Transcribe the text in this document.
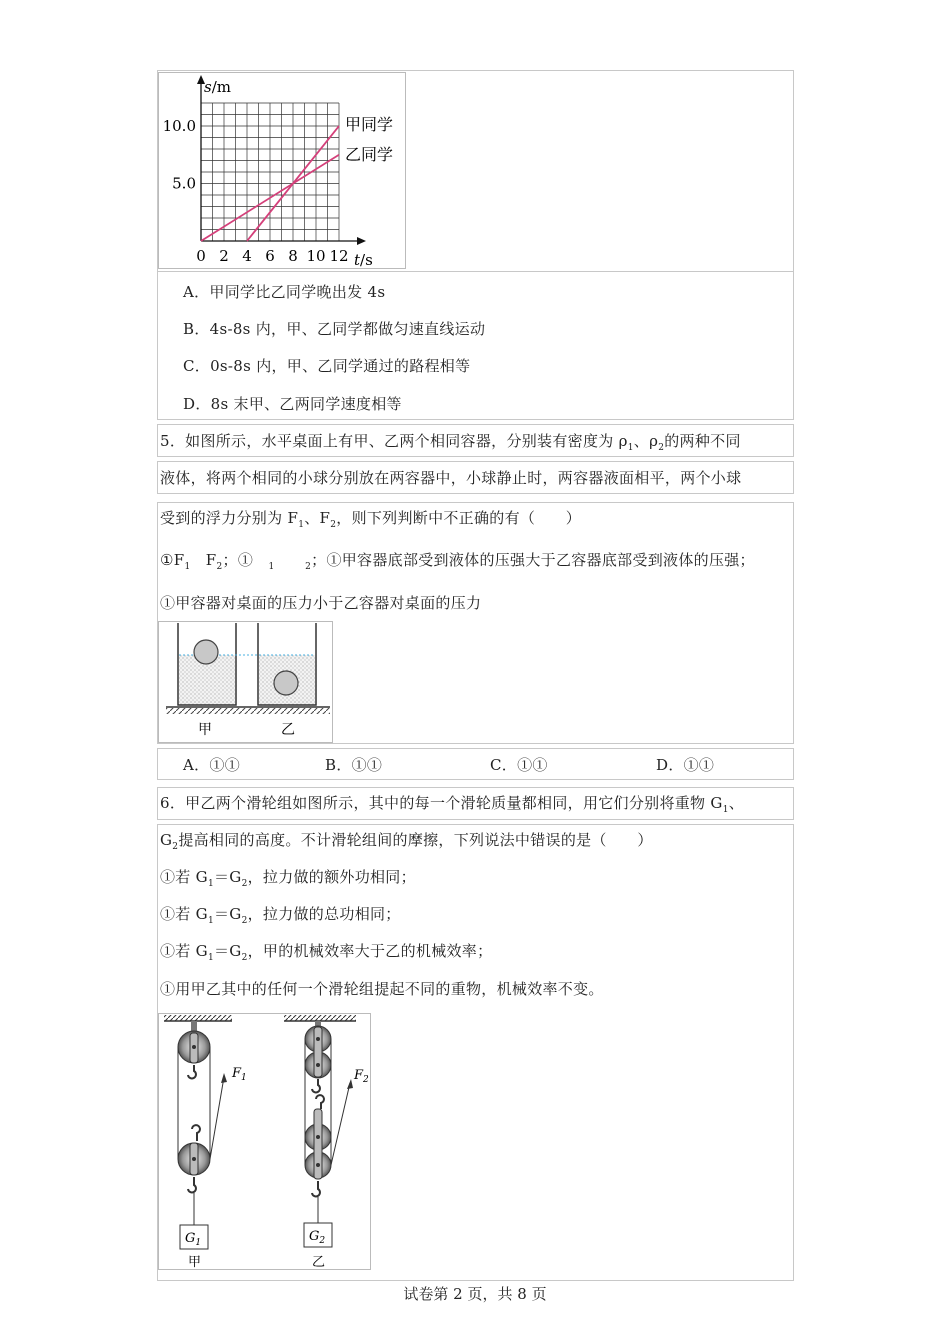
0 2 4 6 8 10 12
5.0
10.0
s/m
t/s
甲同学
乙同学
A．甲同学比乙同学晚出发 4s
B．4s-8s 内，甲、乙同学都做匀速直线运动
C．0s-8s 内，甲、乙同学通过的路程相等
D．8s 末甲、乙两同学速度相等
5．如图所示，水平桌面上有甲、乙两个相同容器，分别装有密度为 $\rho_1$、$\rho_2$的两种不同
液体，将两个相同的小球分别放在两容器中，小球静止时，两容器液面相平，两个小球
受到的浮力分别为 $F_1$、$F_2$，则下列判断中不正确的有（　　）
$①F_1$　$F_2$；①　 $_1$　　	$_2$；①甲容器底部受到液体的压强大于乙容器底部受到液体的压强；
①甲容器对桌面的压力小于乙容器对桌面的压力
甲	乙
A．①①	B．①①	C．①①	D．①①
6．甲乙两个滑轮组如图所示，其中的每一个滑轮质量都相同，用它们分别将重物 $G_1$、
$G_2$提高相同的高度。不计滑轮组间的摩擦，下列说法中错误的是（　　）
①若 $G_1=G_2$，拉力做的额外功相同；
①若 $G_1=G_2$，拉力做的总功相同；
①若 $G_1=G_2$，甲的机械效率大于乙的机械效率；
①用甲乙其中的任何一个滑轮组提起不同的重物，机械效率不变。
$F_1$
$G_1$
甲
$F_2$
$G_2$
乙
试卷第 2 页，共 8 页
